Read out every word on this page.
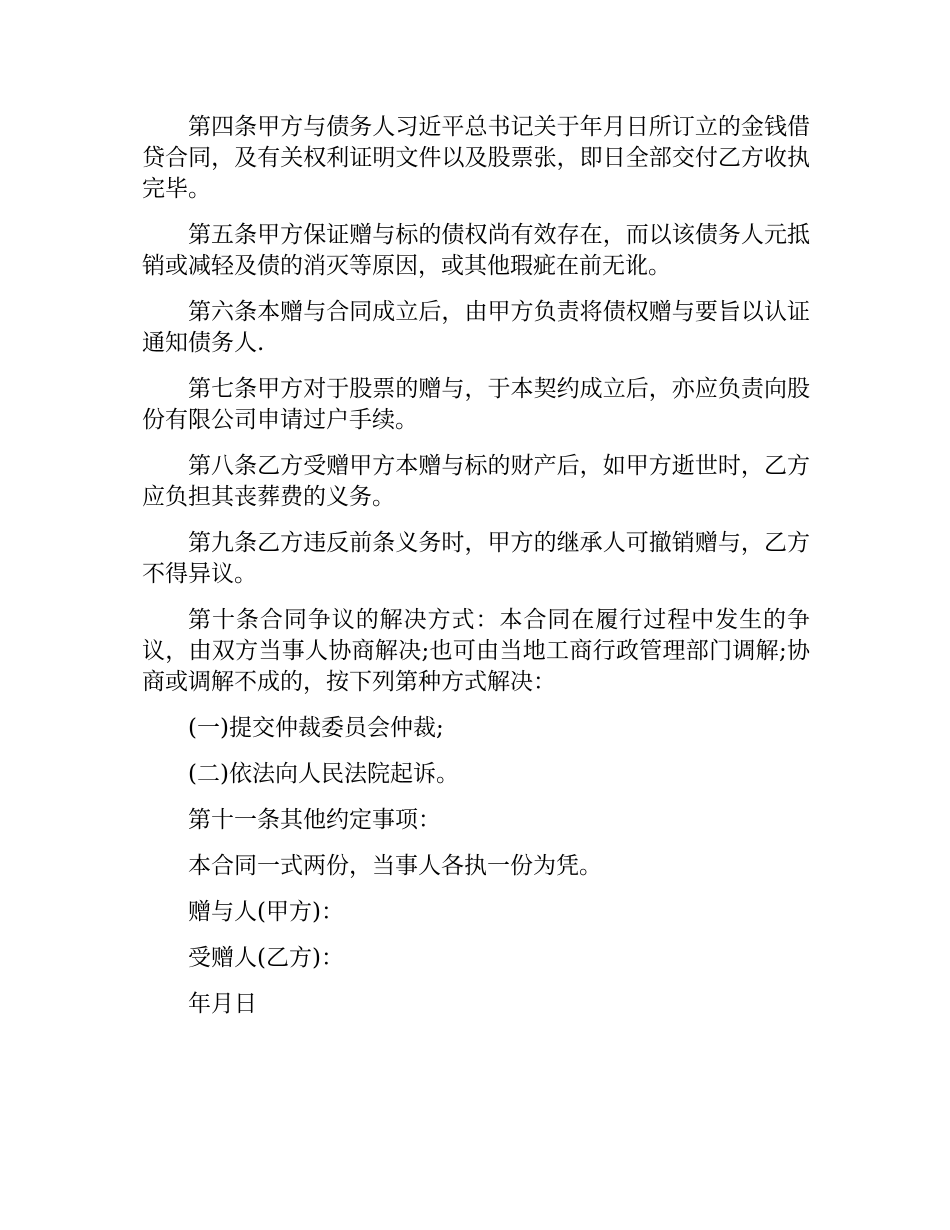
第四条甲方与债务人习近平总书记关于年月日所订立的金钱借贷合同，及有关权利证明文件以及股票张，即日全部交付乙方收执完毕。

第五条甲方保证赠与标的债权尚有效存在，而以该债务人元抵销或减轻及债的消灭等原因，或其他瑕疵在前无讹。

第六条本赠与合同成立后，由甲方负责将债权赠与要旨以认证通知债务人.

第七条甲方对于股票的赠与，于本契约成立后，亦应负责向股份有限公司申请过户手续。

第八条乙方受赠甲方本赠与标的财产后，如甲方逝世时，乙方应负担其丧葬费的义务。

第九条乙方违反前条义务时，甲方的继承人可撤销赠与，乙方不得异议。

第十条合同争议的解决方式：本合同在履行过程中发生的争议，由双方当事人协商解决;也可由当地工商行政管理部门调解;协商或调解不成的，按下列第种方式解决：

(一)提交仲裁委员会仲裁;

(二)依法向人民法院起诉。

第十一条其他约定事项：

本合同一式两份，当事人各执一份为凭。

赠与人(甲方)：

受赠人(乙方)：

年月日
